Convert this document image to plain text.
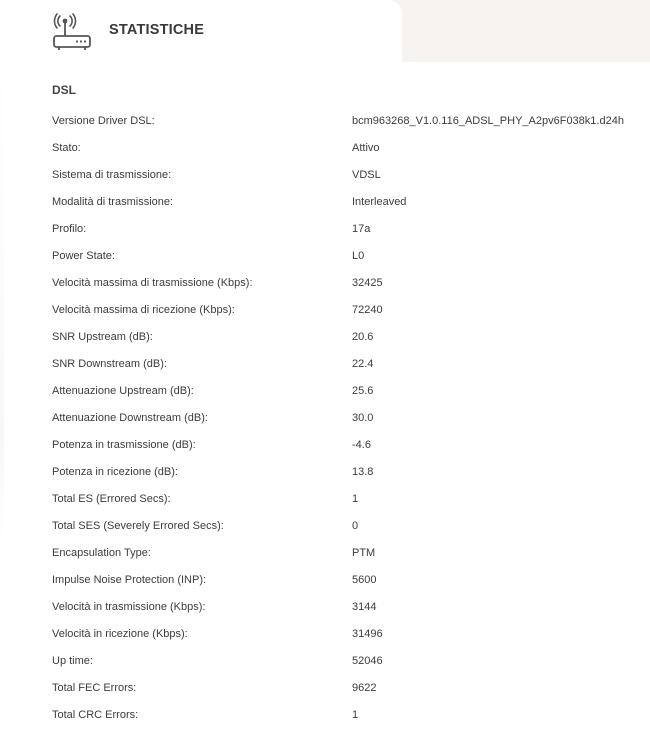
STATISTICHE
DSL
Versione Driver DSL:	bcm963268_V1.0.116_ADSL_PHY_A2pv6F038k1.d24h
Stato:	Attivo
Sistema di trasmissione:	VDSL
Modalità di trasmissione:	Interleaved
Profilo:	17a
Power State:	L0
Velocità massima di trasmissione (Kbps):	32425
Velocità massima di ricezione (Kbps):	72240
SNR Upstream (dB):	20.6
SNR Downstream (dB):	22.4
Attenuazione Upstream (dB):	25.6
Attenuazione Downstream (dB):	30.0
Potenza in trasmissione (dB):	-4.6
Potenza in ricezione (dB):	13.8
Total ES (Errored Secs):	1
Total SES (Severely Errored Secs):	0
Encapsulation Type:	PTM
Impulse Noise Protection (INP):	5600
Velocità in trasmissione (Kbps):	3144
Velocità in ricezione (Kbps):	31496
Up time:	52046
Total FEC Errors:	9622
Total CRC Errors:	1
